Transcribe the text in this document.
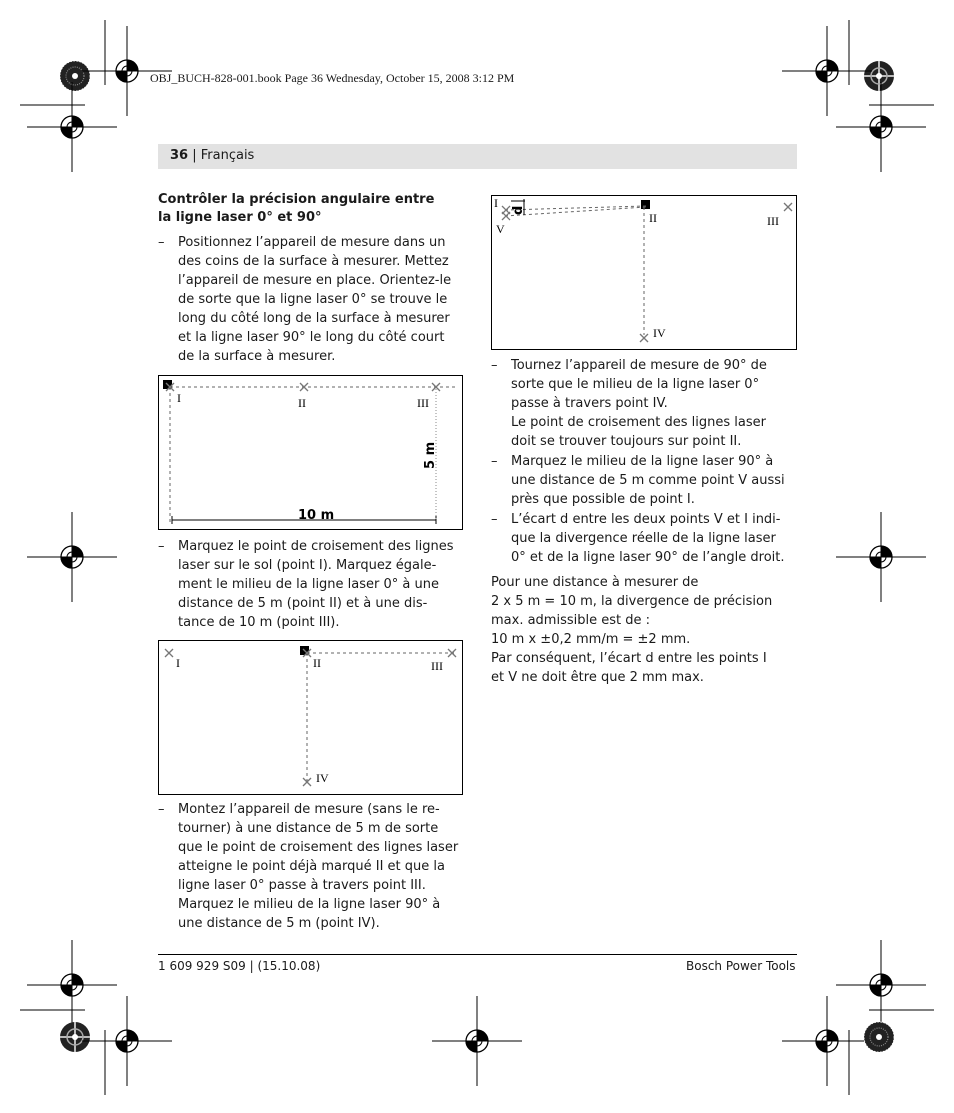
OBJ_BUCH-828-001.book Page 36 Wednesday, October 15, 2008 3:12 PM
36 | Français
Contrôler la précision angulaire entre
la ligne laser 0° et 90°
– Positionnez l’appareil de mesure dans un
des coins de la surface à mesurer. Mettez
l’appareil de mesure en place. Orientez-le
de sorte que la ligne laser 0° se trouve le
long du côté long de la surface à mesurer
et la ligne laser 90° le long du côté court
de la surface à mesurer.
I	II	III
5 m
10 m
– Marquez le point de croisement des lignes
laser sur le sol (point I). Marquez égale-
ment le milieu de la ligne laser 0° à une
distance de 5 m (point II) et à une dis-
tance de 10 m (point III).
I	II	III
IV
– Montez l’appareil de mesure (sans le re-
tourner) à une distance de 5 m de sorte
que le point de croisement des lignes laser
atteigne le point déjà marqué II et que la
ligne laser 0° passe à travers point III.
Marquez le milieu de la ligne laser 90° à
une distance de 5 m (point IV).
I
V
d
II	III
IV
– Tournez l’appareil de mesure de 90° de
sorte que le milieu de la ligne laser 0°
passe à travers point IV.
Le point de croisement des lignes laser
doit se trouver toujours sur point II.
– Marquez le milieu de la ligne laser 90° à
une distance de 5 m comme point V aussi
près que possible de point I.
– L’écart d entre les deux points V et I indi-
que la divergence réelle de la ligne laser
0° et de la ligne laser 90° de l’angle droit.
Pour une distance à mesurer de
2 x 5 m = 10 m, la divergence de précision
max. admissible est de :
10 m x ±0,2 mm/m = ±2 mm.
Par conséquent, l’écart d entre les points I
et V ne doit être que 2 mm max.
1 609 929 S09 | (15.10.08)	Bosch Power Tools
